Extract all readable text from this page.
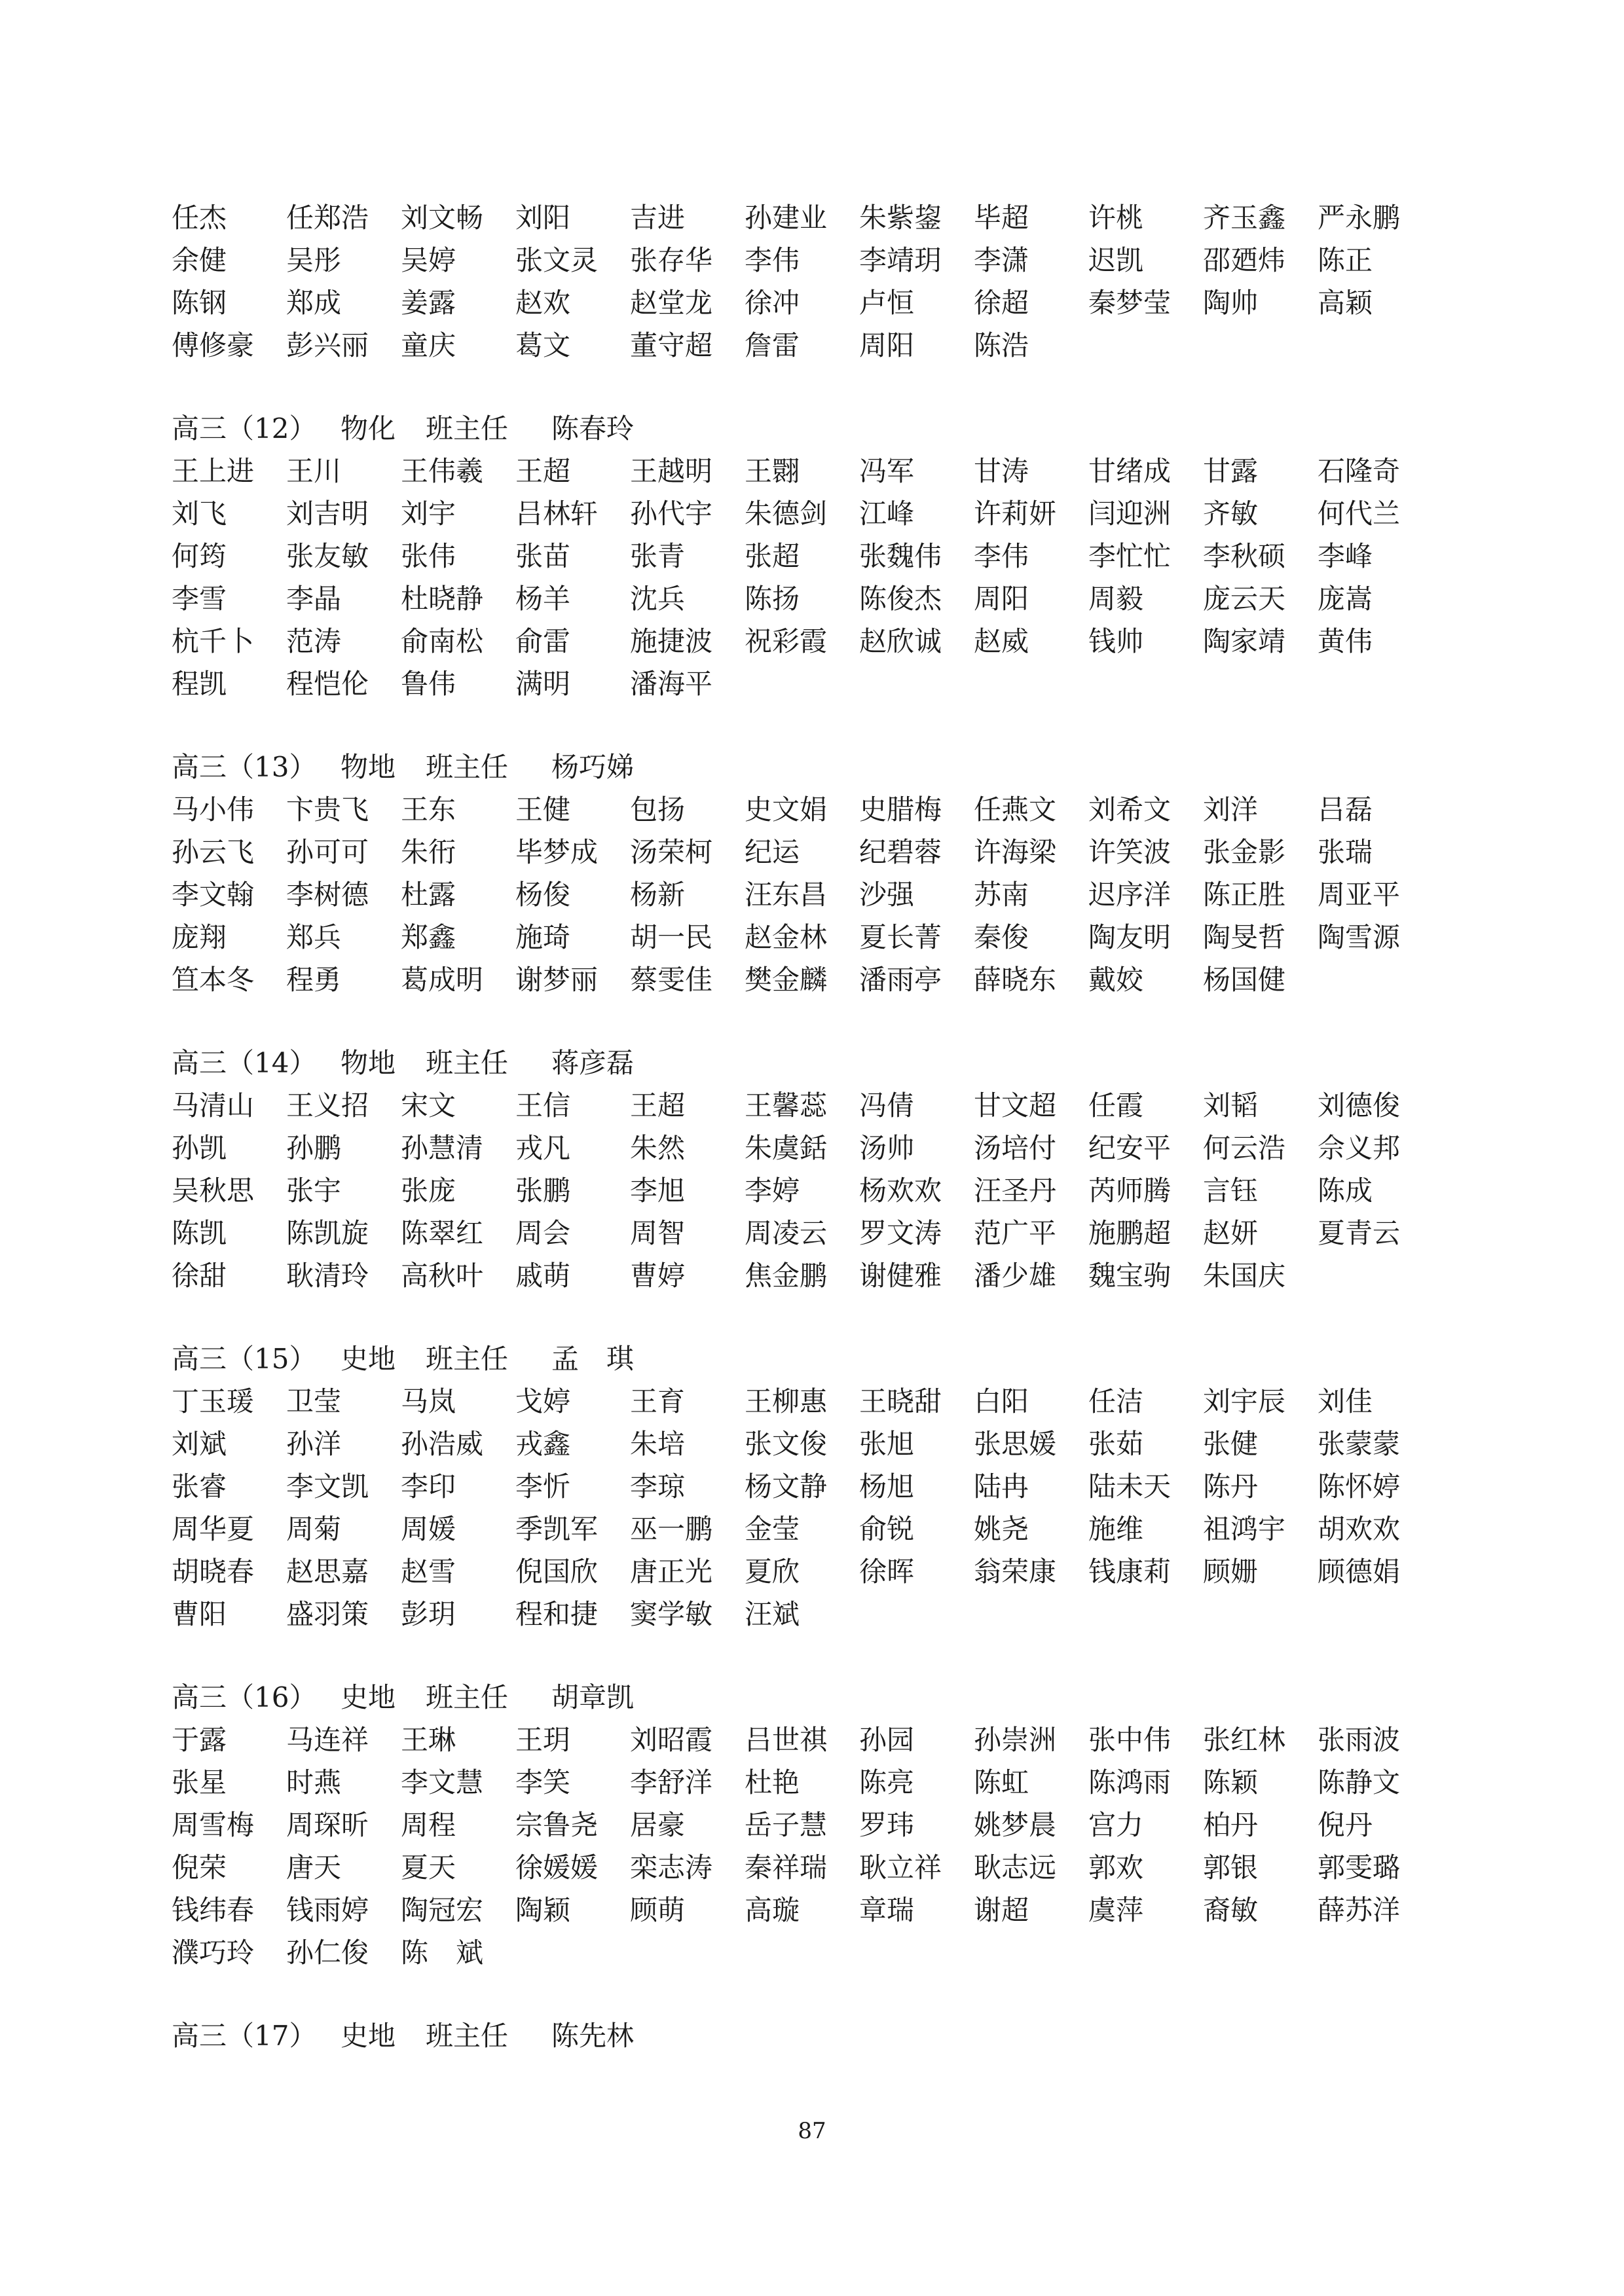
任杰	任郑浩	刘文畅	刘阳	吉进	孙建业	朱紫鋆	毕超	许桃	齐玉鑫	严永鹏
余健	吴彤	吴婷	张文灵	张存华	李伟	李靖玥	李潇	迟凯	邵廼炜	陈正
陈钢	郑成	姜露	赵欢	赵堂龙	徐冲	卢恒	徐超	秦梦莹	陶帅	高颖
傅修豪	彭兴丽	童庆	葛文	董守超	詹雷	周阳	陈浩
高三（12） 物化 班主任 陈春玲
王上进	王川	王伟羲	王超	王越明	王翾	冯军	甘涛	甘绪成	甘露	石隆奇
刘飞	刘吉明	刘宇	吕林轩	孙代宇	朱德剑	江峰	许莉妍	闫迎洲	齐敏	何代兰
何筠	张友敏	张伟	张苗	张青	张超	张魏伟	李伟	李忙忙	李秋硕	李峰
李雪	李晶	杜晓静	杨羊	沈兵	陈扬	陈俊杰	周阳	周毅	庞云天	庞嵩
杭千卜	范涛	俞南松	俞雷	施捷波	祝彩霞	赵欣诚	赵威	钱帅	陶家靖	黄伟
程凯	程恺伦	鲁伟	满明	潘海平
高三（13） 物地 班主任 杨巧娣
马小伟	卞贵飞	王东	王健	包扬	史文娟	史腊梅	任燕文	刘希文	刘洋	吕磊
孙云飞	孙可可	朱衎	毕梦成	汤荣柯	纪运	纪碧蓉	许海梁	许笑波	张金影	张瑞
李文翰	李树德	杜露	杨俊	杨新	汪东昌	沙强	苏南	迟序洋	陈正胜	周亚平
庞翔	郑兵	郑鑫	施琦	胡一民	赵金林	夏长菁	秦俊	陶友明	陶旻哲	陶雪源
笪本冬	程勇	葛成明	谢梦丽	蔡雯佳	樊金麟	潘雨亭	薛晓东	戴姣	杨国健
高三（14） 物地 班主任 蒋彦磊
马清山	王义招	宋文	王信	王超	王馨蕊	冯倩	甘文超	任霞	刘韬	刘德俊
孙凯	孙鹏	孙慧清	戎凡	朱然	朱虞銛	汤帅	汤培付	纪安平	何云浩	佘义邦
吴秋思	张宇	张庞	张鹏	李旭	李婷	杨欢欢	汪圣丹	芮师腾	言钰	陈成
陈凯	陈凯旋	陈翠红	周会	周智	周凌云	罗文涛	范广平	施鹏超	赵妍	夏青云
徐甜	耿清玲	高秋叶	戚萌	曹婷	焦金鹏	谢健雅	潘少雄	魏宝驹	朱国庆
高三（15） 史地 班主任 孟　琪
丁玉瑗	卫莹	马岚	戈婷	王育	王柳惠	王晓甜	白阳	任洁	刘宇辰	刘佳
刘斌	孙洋	孙浩威	戎鑫	朱培	张文俊	张旭	张思媛	张茹	张健	张蒙蒙
张睿	李文凯	李印	李忻	李琼	杨文静	杨旭	陆冉	陆未天	陈丹	陈怀婷
周华夏	周菊	周媛	季凯军	巫一鹏	金莹	俞锐	姚尧	施维	祖鸿宇	胡欢欢
胡晓春	赵思嘉	赵雪	倪国欣	唐正光	夏欣	徐晖	翁荣康	钱康莉	顾姗	顾德娟
曹阳	盛羽策	彭玥	程和捷	窦学敏	汪斌
高三（16） 史地 班主任 胡章凯
于露	马连祥	王琳	王玥	刘昭霞	吕世祺	孙园	孙崇洲	张中伟	张红林	张雨波
张星	时燕	李文慧	李笑	李舒洋	杜艳	陈亮	陈虹	陈鸿雨	陈颖	陈静文
周雪梅	周琛昕	周程	宗鲁尧	居豪	岳子慧	罗玮	姚梦晨	宫力	柏丹	倪丹
倪荣	唐天	夏天	徐媛媛	栾志涛	秦祥瑞	耿立祥	耿志远	郭欢	郭银	郭雯璐
钱纬春	钱雨婷	陶冠宏	陶颖	顾萌	高璇	章瑞	谢超	虞萍	裔敏	薛苏洋
濮巧玲	孙仁俊	陈　斌
高三（17） 史地 班主任 陈先林
87
